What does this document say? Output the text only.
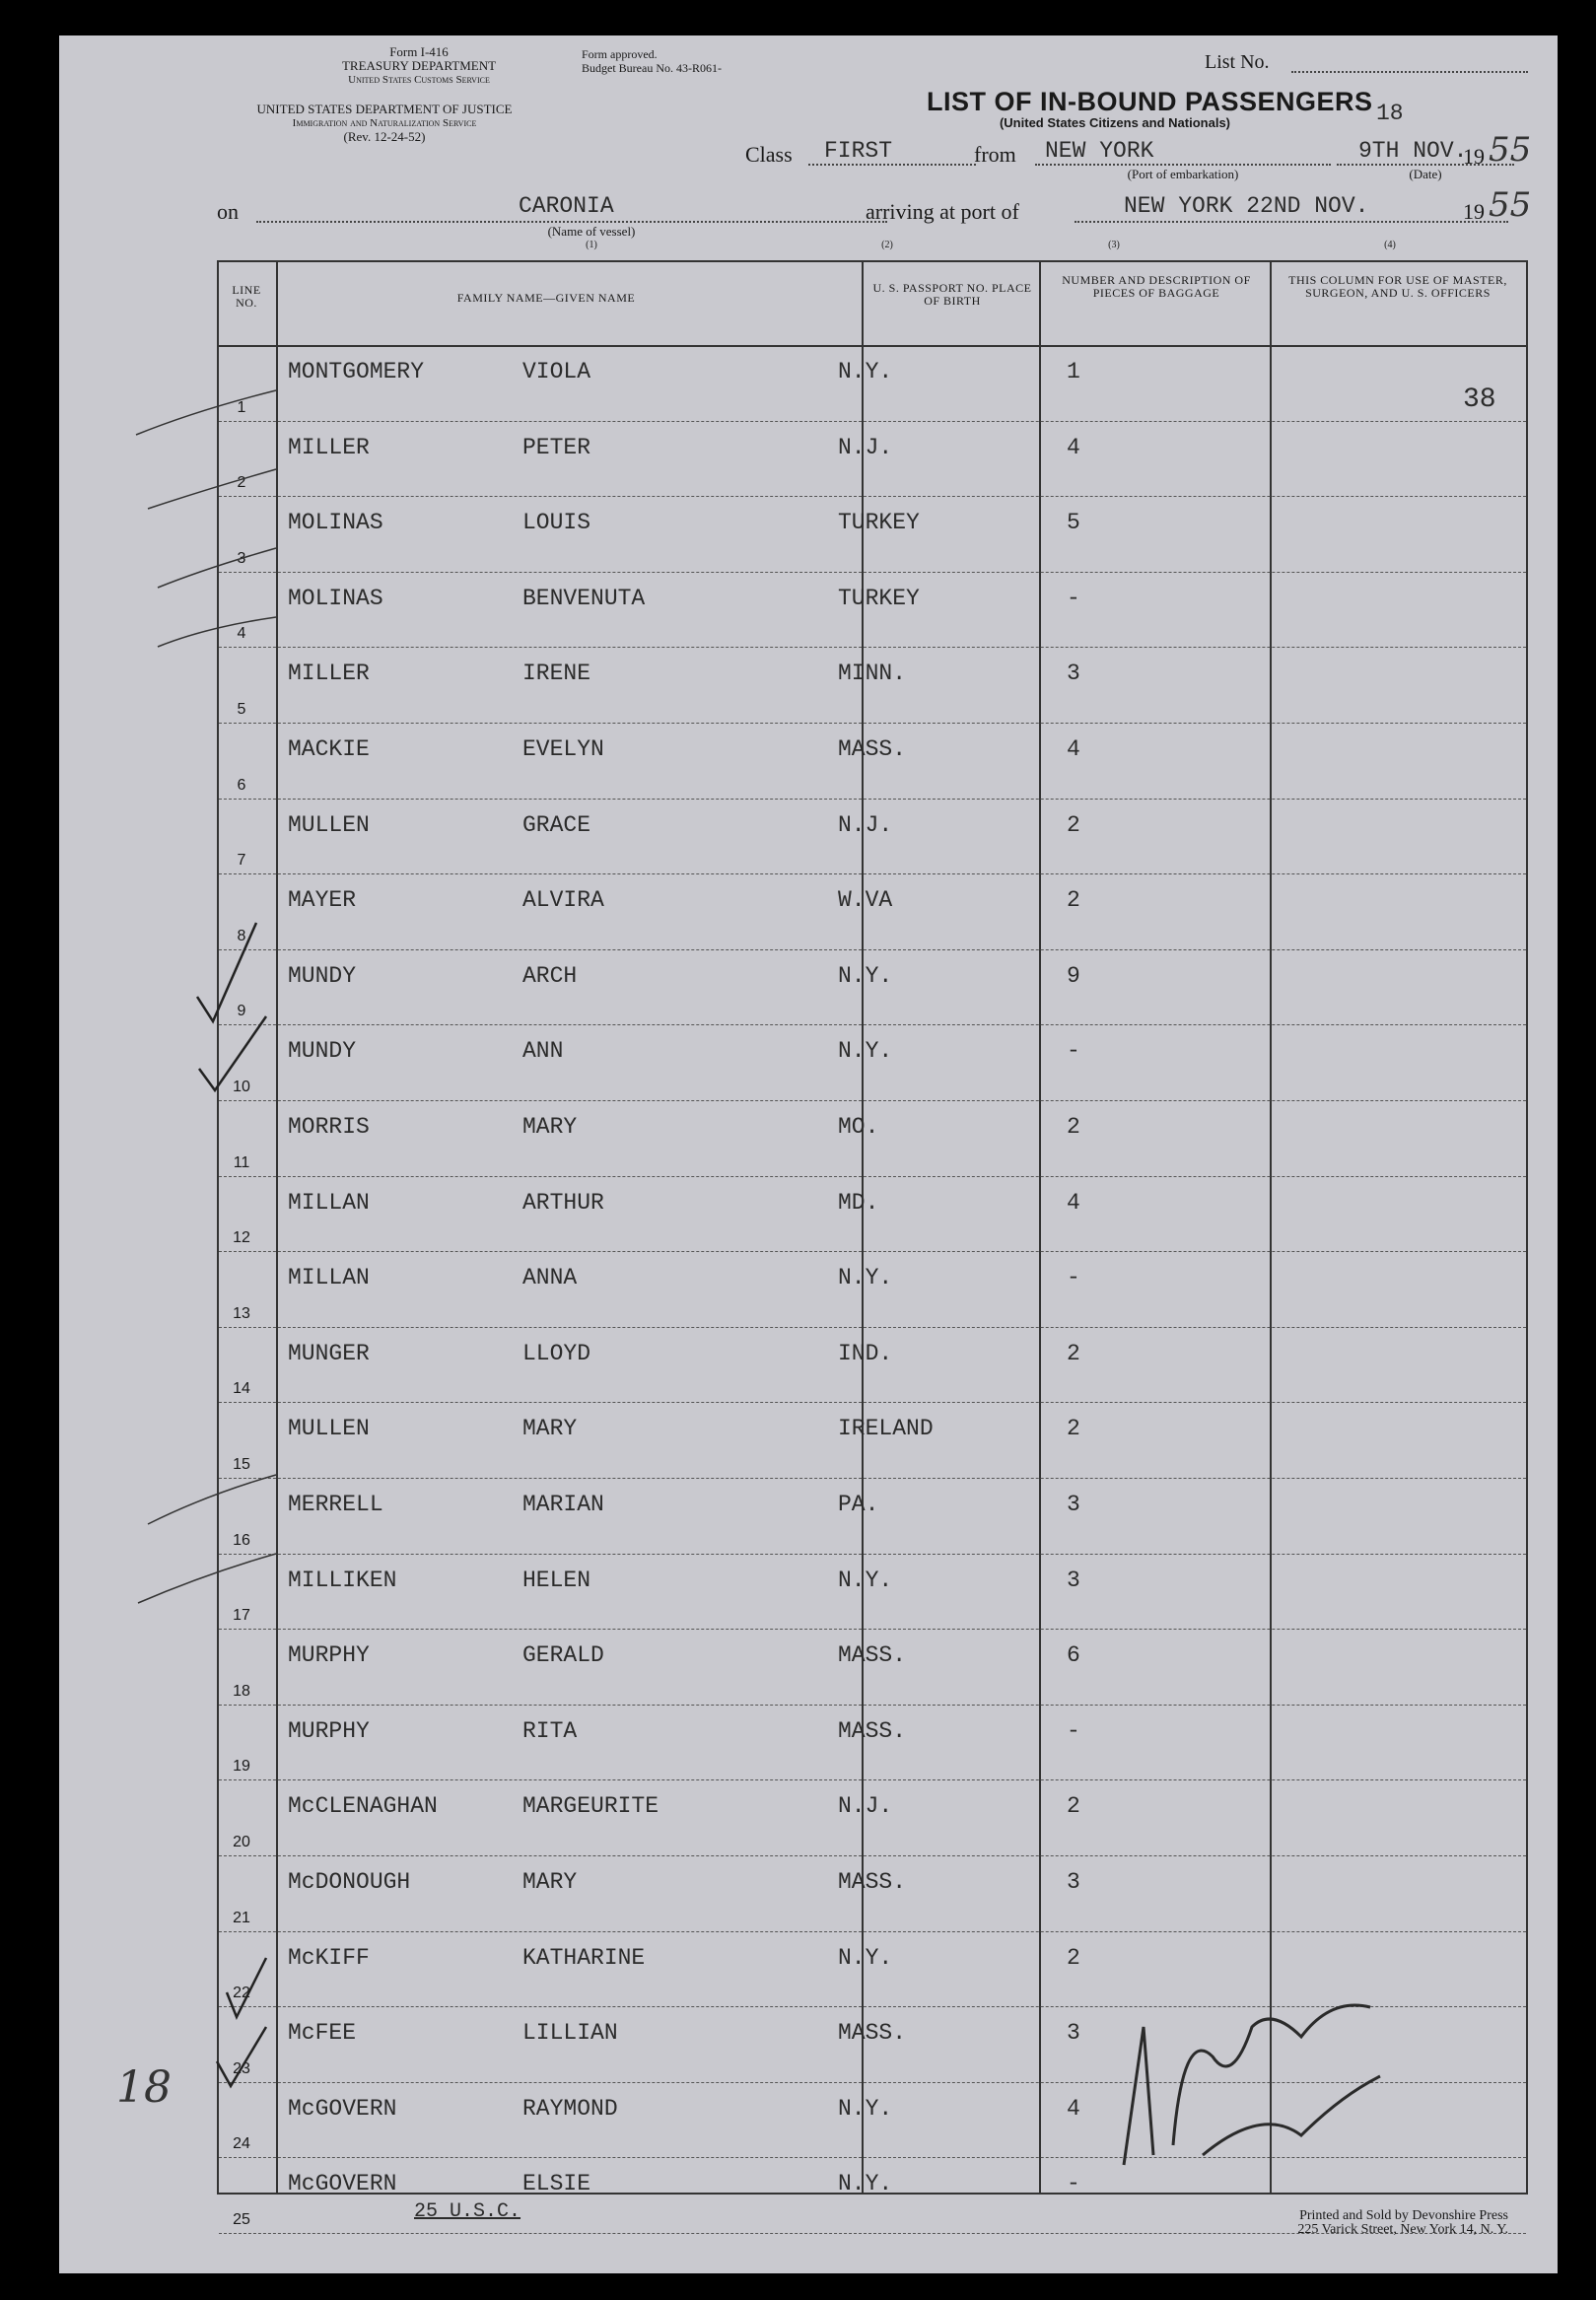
Form I-416
TREASURY DEPARTMENT
United States Customs Service
Form approved.
Budget Bureau No. 43-R061-
UNITED STATES DEPARTMENT OF JUSTICE
Immigration and Naturalization Service
(Rev. 12-24-52)
List No.
LIST OF IN-BOUND PASSENGERS
(United States Citizens and Nationals)	18
Class FIRST	from NEW YORK
(Port of embarkation)
9TH NOV.
(Date)
19 55
on	CARONIA
(Name of vessel)
(1)
arriving at port of	NEW YORK 22ND NOV.
(2)	(3)	(4)
19 55
LINE NO.	FAMILY NAME—GIVEN NAME
U. S. PASSPORT NO. PLACE OF BIRTH
NUMBER AND DESCRIPTION OF PIECES OF BAGGAGE
THIS COLUMN FOR USE OF MASTER, SURGEON, AND U. S. OFFICERS
MONTGOMERY	VIOLA	N.Y.	1
1
MILLER	PETER	N.J.	4
2
MOLINAS	LOUIS	TURKEY	5
3
MOLINAS	BENVENUTA	TURKEY	-
4
MILLER	IRENE	MINN.	3
5
MACKIE	EVELYN	MASS.	4
6
MULLEN	GRACE	N.J.	2
7
MAYER	ALVIRA	W.VA	2
8
MUNDY	ARCH	N.Y.	9
9
MUNDY	ANN	N.Y.	-
10
MORRIS	MARY	MO.	2
11
MILLAN	ARTHUR	MD.	4
12
MILLAN	ANNA	N.Y.	-
13
MUNGER	LLOYD	IND.	2
14
MULLEN	MARY	IRELAND	2
15
MERRELL	MARIAN	PA.	3
16
MILLIKEN	HELEN	N.Y.	3
17
MURPHY	GERALD	MASS.	6
18
MURPHY	RITA	MASS.	-
19
McCLENAGHAN	MARGEURITE	N.J.	2
20
McDONOUGH	MARY	MASS.	3
21
McKIFF	KATHARINE	N.Y.	2
22
McFEE	LILLIAN	MASS.	3
23
McGOVERN	RAYMOND	N.Y.	4
24
McGOVERN	ELSIE	N.Y.	-
25
38
18
25 U.S.C.	Printed and Sold by Devonshire Press
225 Varick Street, New York 14, N. Y.
